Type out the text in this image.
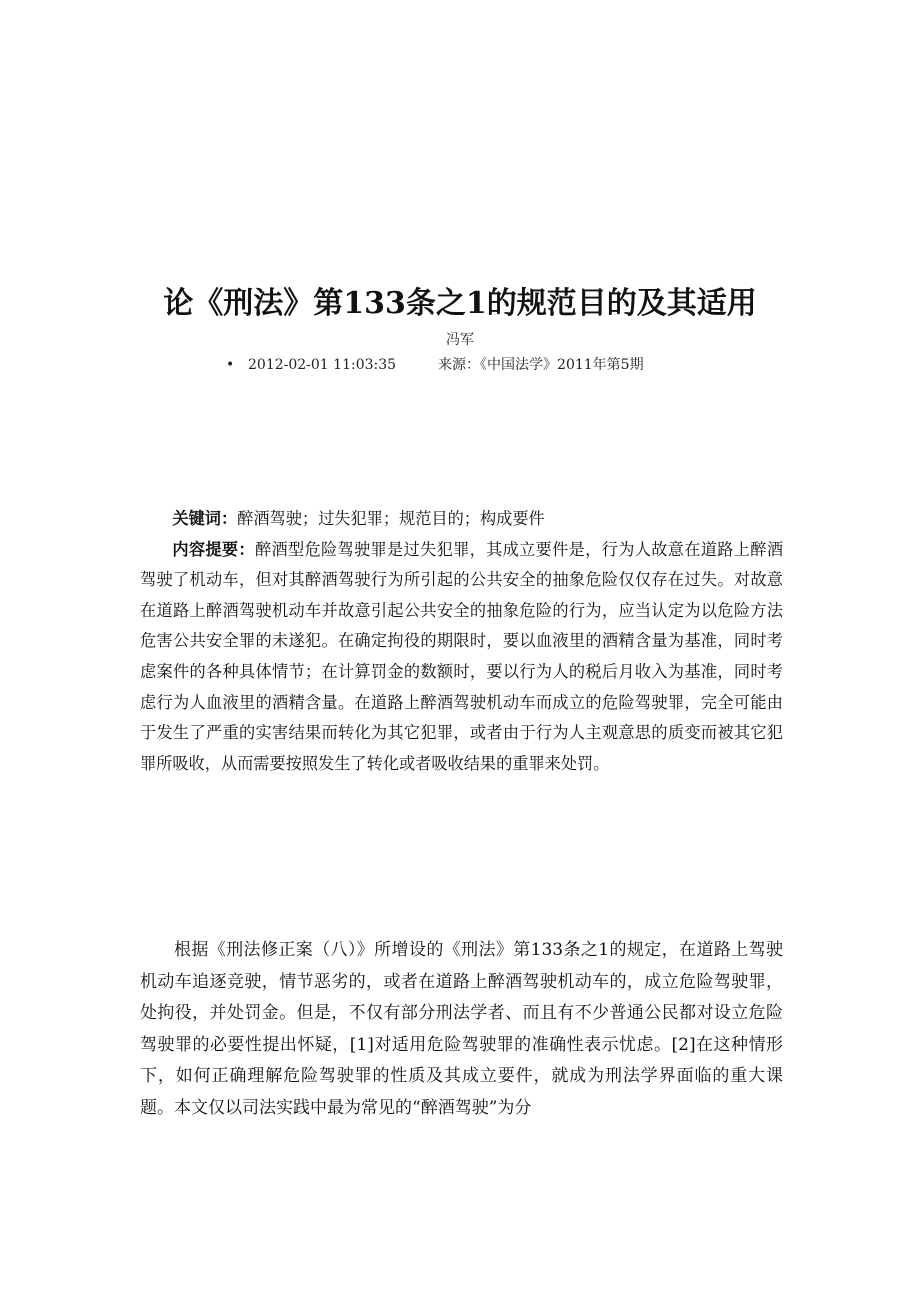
论《刑法》第133条之1的规范目的及其适用
冯军
• 2012-02-01 11:03:35	来源：《中国法学》2011年第5期

关键词：醉酒驾驶；过失犯罪；规范目的；构成要件

内容提要：醉酒型危险驾驶罪是过失犯罪，其成立要件是，行为人故意在道路上醉酒驾驶了机动车，但对其醉酒驾驶行为所引起的公共安全的抽象危险仅仅存在过失。对故意在道路上醉酒驾驶机动车并故意引起公共安全的抽象危险的行为，应当认定为以危险方法危害公共安全罪的未遂犯。在确定拘役的期限时，要以血液里的酒精含量为基准，同时考虑案件的各种具体情节；在计算罚金的数额时，要以行为人的税后月收入为基准，同时考虑行为人血液里的酒精含量。在道路上醉酒驾驶机动车而成立的危险驾驶罪，完全可能由于发生了严重的实害结果而转化为其它犯罪，或者由于行为人主观意思的质变而被其它犯罪所吸收，从而需要按照发生了转化或者吸收结果的重罪来处罚。

根据《刑法修正案（八）》所增设的《刑法》第133条之1的规定，在道路上驾驶机动车追逐竞驶，情节恶劣的，或者在道路上醉酒驾驶机动车的，成立危险驾驶罪，处拘役，并处罚金。但是，不仅有部分刑法学者、而且有不少普通公民都对设立危险驾驶罪的必要性提出怀疑，[1]对适用危险驾驶罪的准确性表示忧虑。[2]在这种情形下，如何正确理解危险驾驶罪的性质及其成立要件，就成为刑法学界面临的重大课题。本文仅以司法实践中最为常见的“醉酒驾驶”为分
